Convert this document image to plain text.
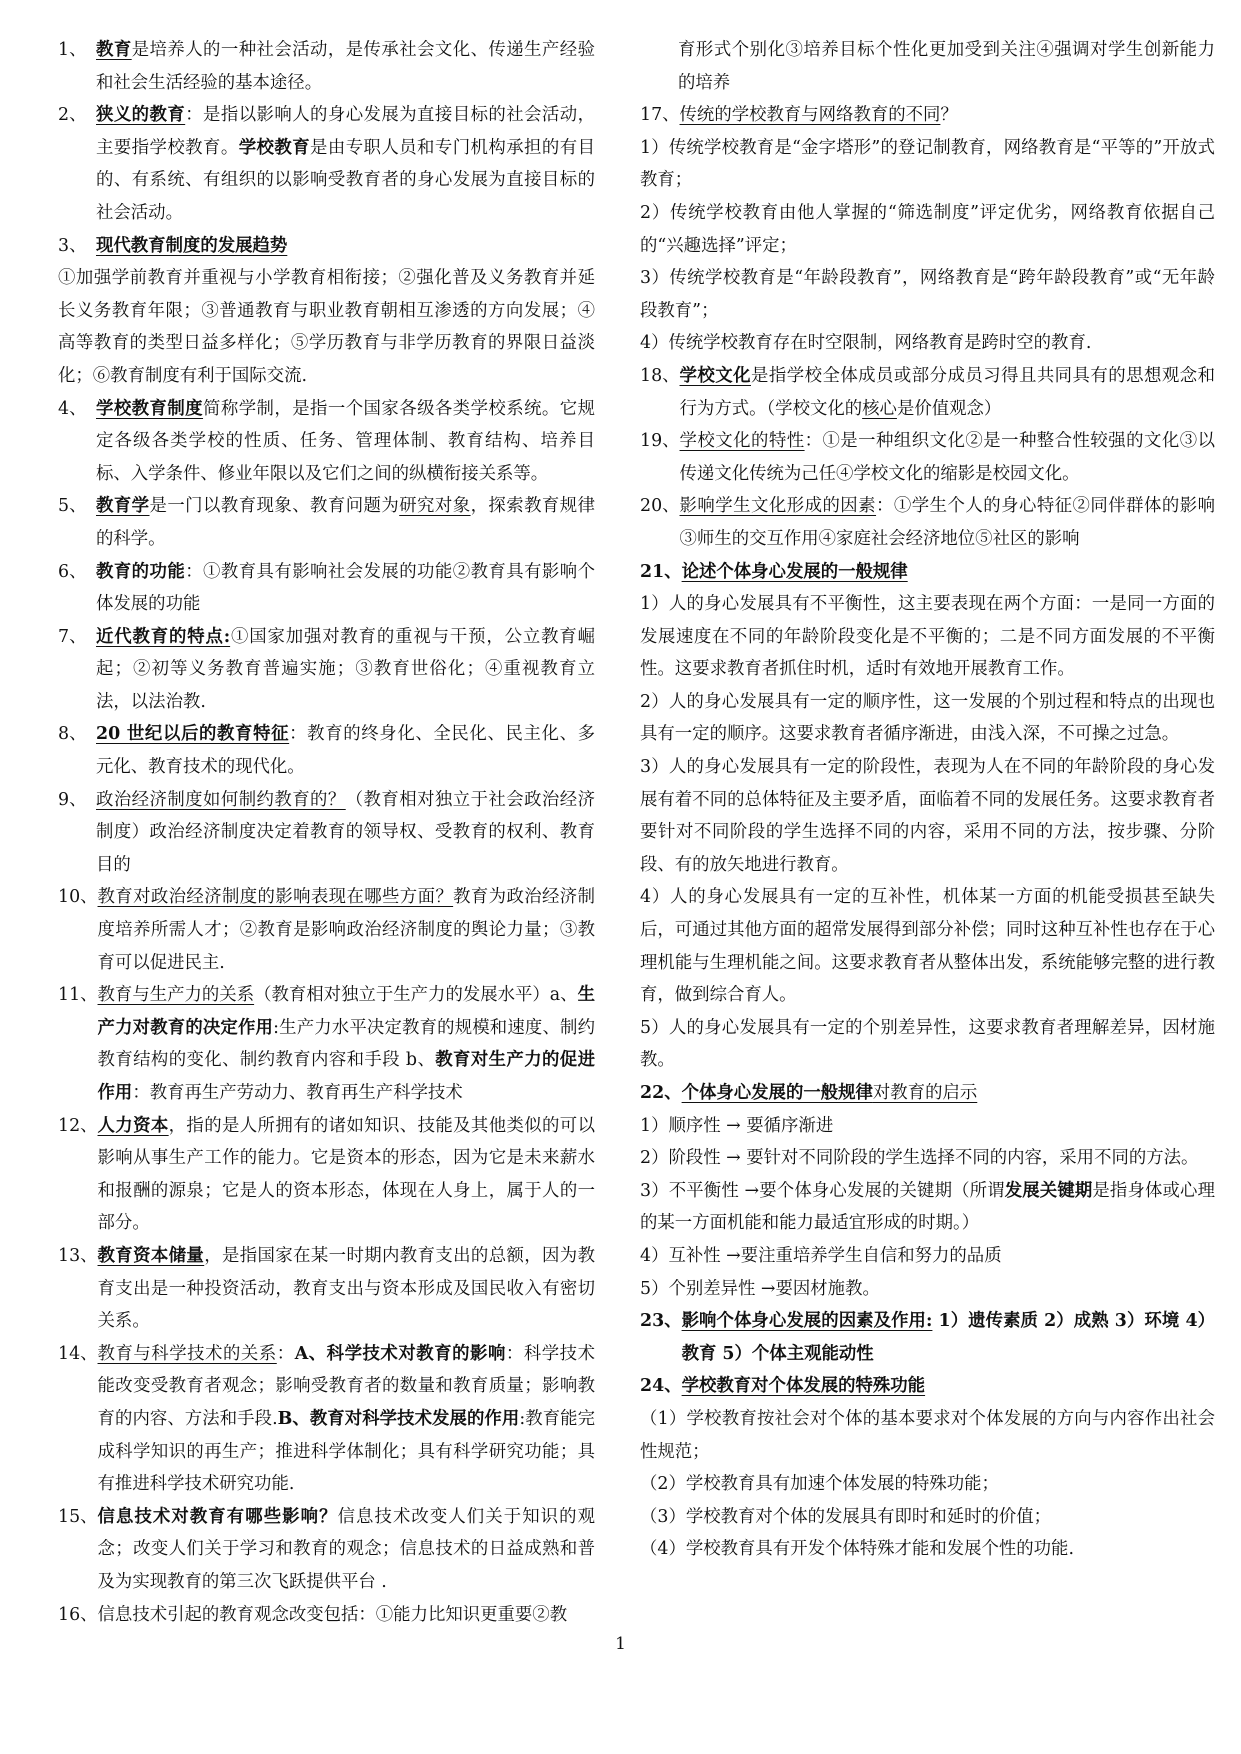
1、 教育是培养人的一种社会活动，是传承社会文化、传递生产经验和社会生活经验的基本途径。
2、 狭义的教育：是指以影响人的身心发展为直接目标的社会活动，主要指学校教育。学校教育是由专职人员和专门机构承担的有目的、有系统、有组织的以影响受教育者的身心发展为直接目标的社会活动。
3、 现代教育制度的发展趋势

①加强学前教育并重视与小学教育相衔接；②强化普及义务教育并延长义务教育年限；③普通教育与职业教育朝相互渗透的方向发展；④高等教育的类型日益多样化；⑤学历教育与非学历教育的界限日益淡化；⑥教育制度有利于国际交流.

4、 学校教育制度简称学制，是指一个国家各级各类学校系统。它规定各级各类学校的性质、任务、管理体制、教育结构、培养目标、入学条件、修业年限以及它们之间的纵横衔接关系等。
5、 教育学是一门以教育现象、教育问题为研究对象，探索教育规律的科学。
6、 教育的功能：①教育具有影响社会发展的功能②教育具有影响个体发展的功能
7、 近代教育的特点:①国家加强对教育的重视与干预，公立教育崛起；②初等义务教育普遍实施；③教育世俗化；④重视教育立法，以法治教.
8、 20 世纪以后的教育特征：教育的终身化、全民化、民主化、多元化、教育技术的现代化。
9、 政治经济制度如何制约教育的？（教育相对独立于社会政治经济制度）政治经济制度决定着教育的领导权、受教育的权利、教育目的
10、 教育对政治经济制度的影响表现在哪些方面？教育为政治经济制度培养所需人才；②教育是影响政治经济制度的舆论力量；③教育可以促进民主.
11、 教育与生产力的关系（教育相对独立于生产力的发展水平）a、生产力对教育的决定作用:生产力水平决定教育的规模和速度、制约教育结构的变化、制约教育内容和手段 b、教育对生产力的促进作用：教育再生产劳动力、教育再生产科学技术
12、 人力资本，指的是人所拥有的诸如知识、技能及其他类似的可以影响从事生产工作的能力。它是资本的形态，因为它是未来薪水和报酬的源泉；它是人的资本形态，体现在人身上，属于人的一部分。
13、 教育资本储量，是指国家在某一时期内教育支出的总额，因为教育支出是一种投资活动，教育支出与资本形成及国民收入有密切关系。
14、 教育与科学技术的关系：A、科学技术对教育的影响：科学技术能改变受教育者观念；影响受教育者的数量和教育质量；影响教育的内容、方法和手段.B、教育对科学技术发展的作用:教育能完成科学知识的再生产；推进科学体制化；具有科学研究功能；具有推进科学技术研究功能.
15、 信息技术对教育有哪些影响？信息技术改变人们关于知识的观念；改变人们关于学习和教育的观念；信息技术的日益成熟和普及为实现教育的第三次飞跃提供平台 .
16、 信息技术引起的教育观念改变包括：①能力比知识更重要②教

育形式个别化③培养目标个性化更加受到关注④强调对学生创新能力的培养

17、 传统的学校教育与网络教育的不同？

1）传统学校教育是“金字塔形”的登记制教育，网络教育是“平等的”开放式教育；

2）传统学校教育由他人掌握的“筛选制度”评定优劣，网络教育依据自己的“兴趣选择”评定；

3）传统学校教育是“年龄段教育”，网络教育是“跨年龄段教育”或“无年龄段教育”；

4）传统学校教育存在时空限制，网络教育是跨时空的教育.

18、 学校文化是指学校全体成员或部分成员习得且共同具有的思想观念和行为方式。（学校文化的核心是价值观念）
19、 学校文化的特性：①是一种组织文化②是一种整合性较强的文化③以传递文化传统为己任④学校文化的缩影是校园文化。
20、 影响学生文化形成的因素：①学生个人的身心特征②同伴群体的影响③师生的交互作用④家庭社会经济地位⑤社区的影响
21、 论述个体身心发展的一般规律

1）人的身心发展具有不平衡性，这主要表现在两个方面：一是同一方面的发展速度在不同的年龄阶段变化是不平衡的；二是不同方面发展的不平衡性。这要求教育者抓住时机，适时有效地开展教育工作。

2）人的身心发展具有一定的顺序性，这一发展的个别过程和特点的出现也具有一定的顺序。这要求教育者循序渐进，由浅入深，不可操之过急。

3）人的身心发展具有一定的阶段性，表现为人在不同的年龄阶段的身心发展有着不同的总体特征及主要矛盾，面临着不同的发展任务。这要求教育者要针对不同阶段的学生选择不同的内容，采用不同的方法，按步骤、分阶段、有的放矢地进行教育。

4）人的身心发展具有一定的互补性，机体某一方面的机能受损甚至缺失后，可通过其他方面的超常发展得到部分补偿；同时这种互补性也存在于心理机能与生理机能之间。这要求教育者从整体出发，系统能够完整的进行教育，做到综合育人。

5）人的身心发展具有一定的个别差异性，这要求教育者理解差异，因材施教。

22、 个体身心发展的一般规律对教育的启示

1）顺序性 → 要循序渐进

2）阶段性 → 要针对不同阶段的学生选择不同的内容，采用不同的方法。

3）不平衡性 →要个体身心发展的关键期（所谓发展关键期是指身体或心理的某一方面机能和能力最适宜形成的时期。）

4）互补性 →要注重培养学生自信和努力的品质

5）个别差异性 →要因材施教。

23、 影响个体身心发展的因素及作用: 1）遗传素质 2）成熟 3）环境 4）教育 5）个体主观能动性
24、 学校教育对个体发展的特殊功能

（1）学校教育按社会对个体的基本要求对个体发展的方向与内容作出社会性规范；

（2）学校教育具有加速个体发展的特殊功能；

（3）学校教育对个体的发展具有即时和延时的价值；

（4）学校教育具有开发个体特殊才能和发展个性的功能.

1
